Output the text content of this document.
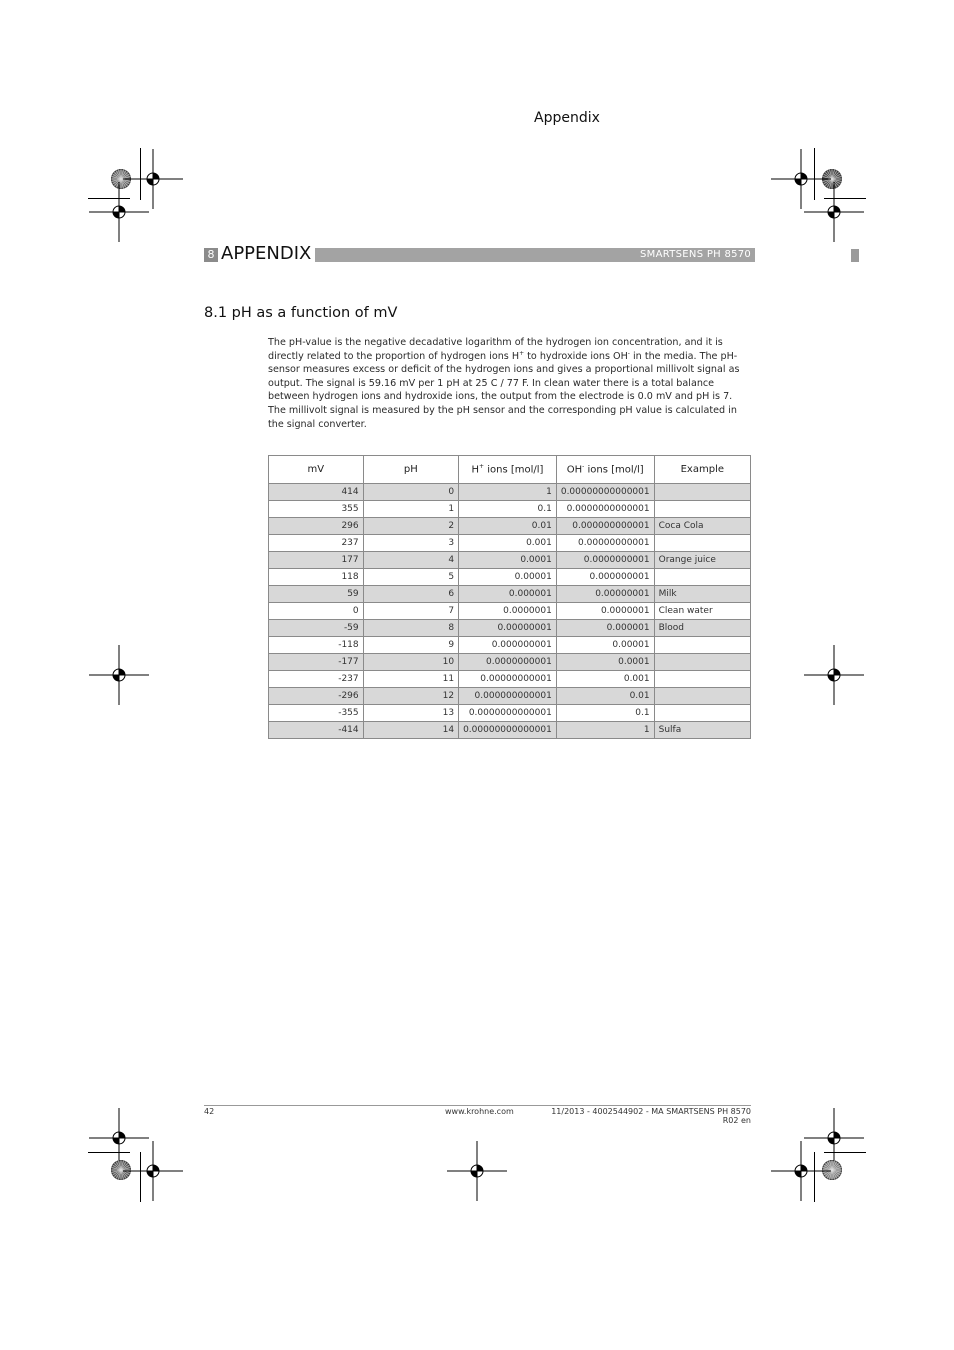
Appendix
8 APPENDIX	SMARTSENS PH 8570
8.1 pH as a function of mV
The pH-value is the negative decadative logarithm of the hydrogen ion concentration, and it is directly related to the proportion of hydrogen ions H+ to hydroxide ions OH- in the media. The pH-sensor measures excess or deficit of the hydrogen ions and gives a proportional millivolt signal as output. The signal is 59.16 mV per 1 pH at 25 C / 77 F. In clean water there is a total balance between hydrogen ions and hydroxide ions, the output from the electrode is 0.0 mV and pH is 7. The millivolt signal is measured by the pH sensor and the corresponding pH value is calculated in the signal converter.
mV	pH	H+ ions [mol/l]	OH- ions [mol/l]	Example
414	0	1	0.00000000000001	
355	1	0.1	0.0000000000001	
296	2	0.01	0.000000000001	Coca Cola
237	3	0.001	0.00000000001	
177	4	0.0001	0.0000000001	Orange juice
118	5	0.00001	0.000000001	
59	6	0.000001	0.00000001	Milk
0	7	0.0000001	0.0000001	Clean water
-59	8	0.00000001	0.000001	Blood
-118	9	0.000000001	0.00001	
-177	10	0.0000000001	0.0001	
-237	11	0.00000000001	0.001	
-296	12	0.000000000001	0.01	
-355	13	0.0000000000001	0.1	
-414	14	0.00000000000001	1	Sulfa
42	www.krohne.com	11/2013 - 4002544902 - MA SMARTSENS PH 8570 R02 en
